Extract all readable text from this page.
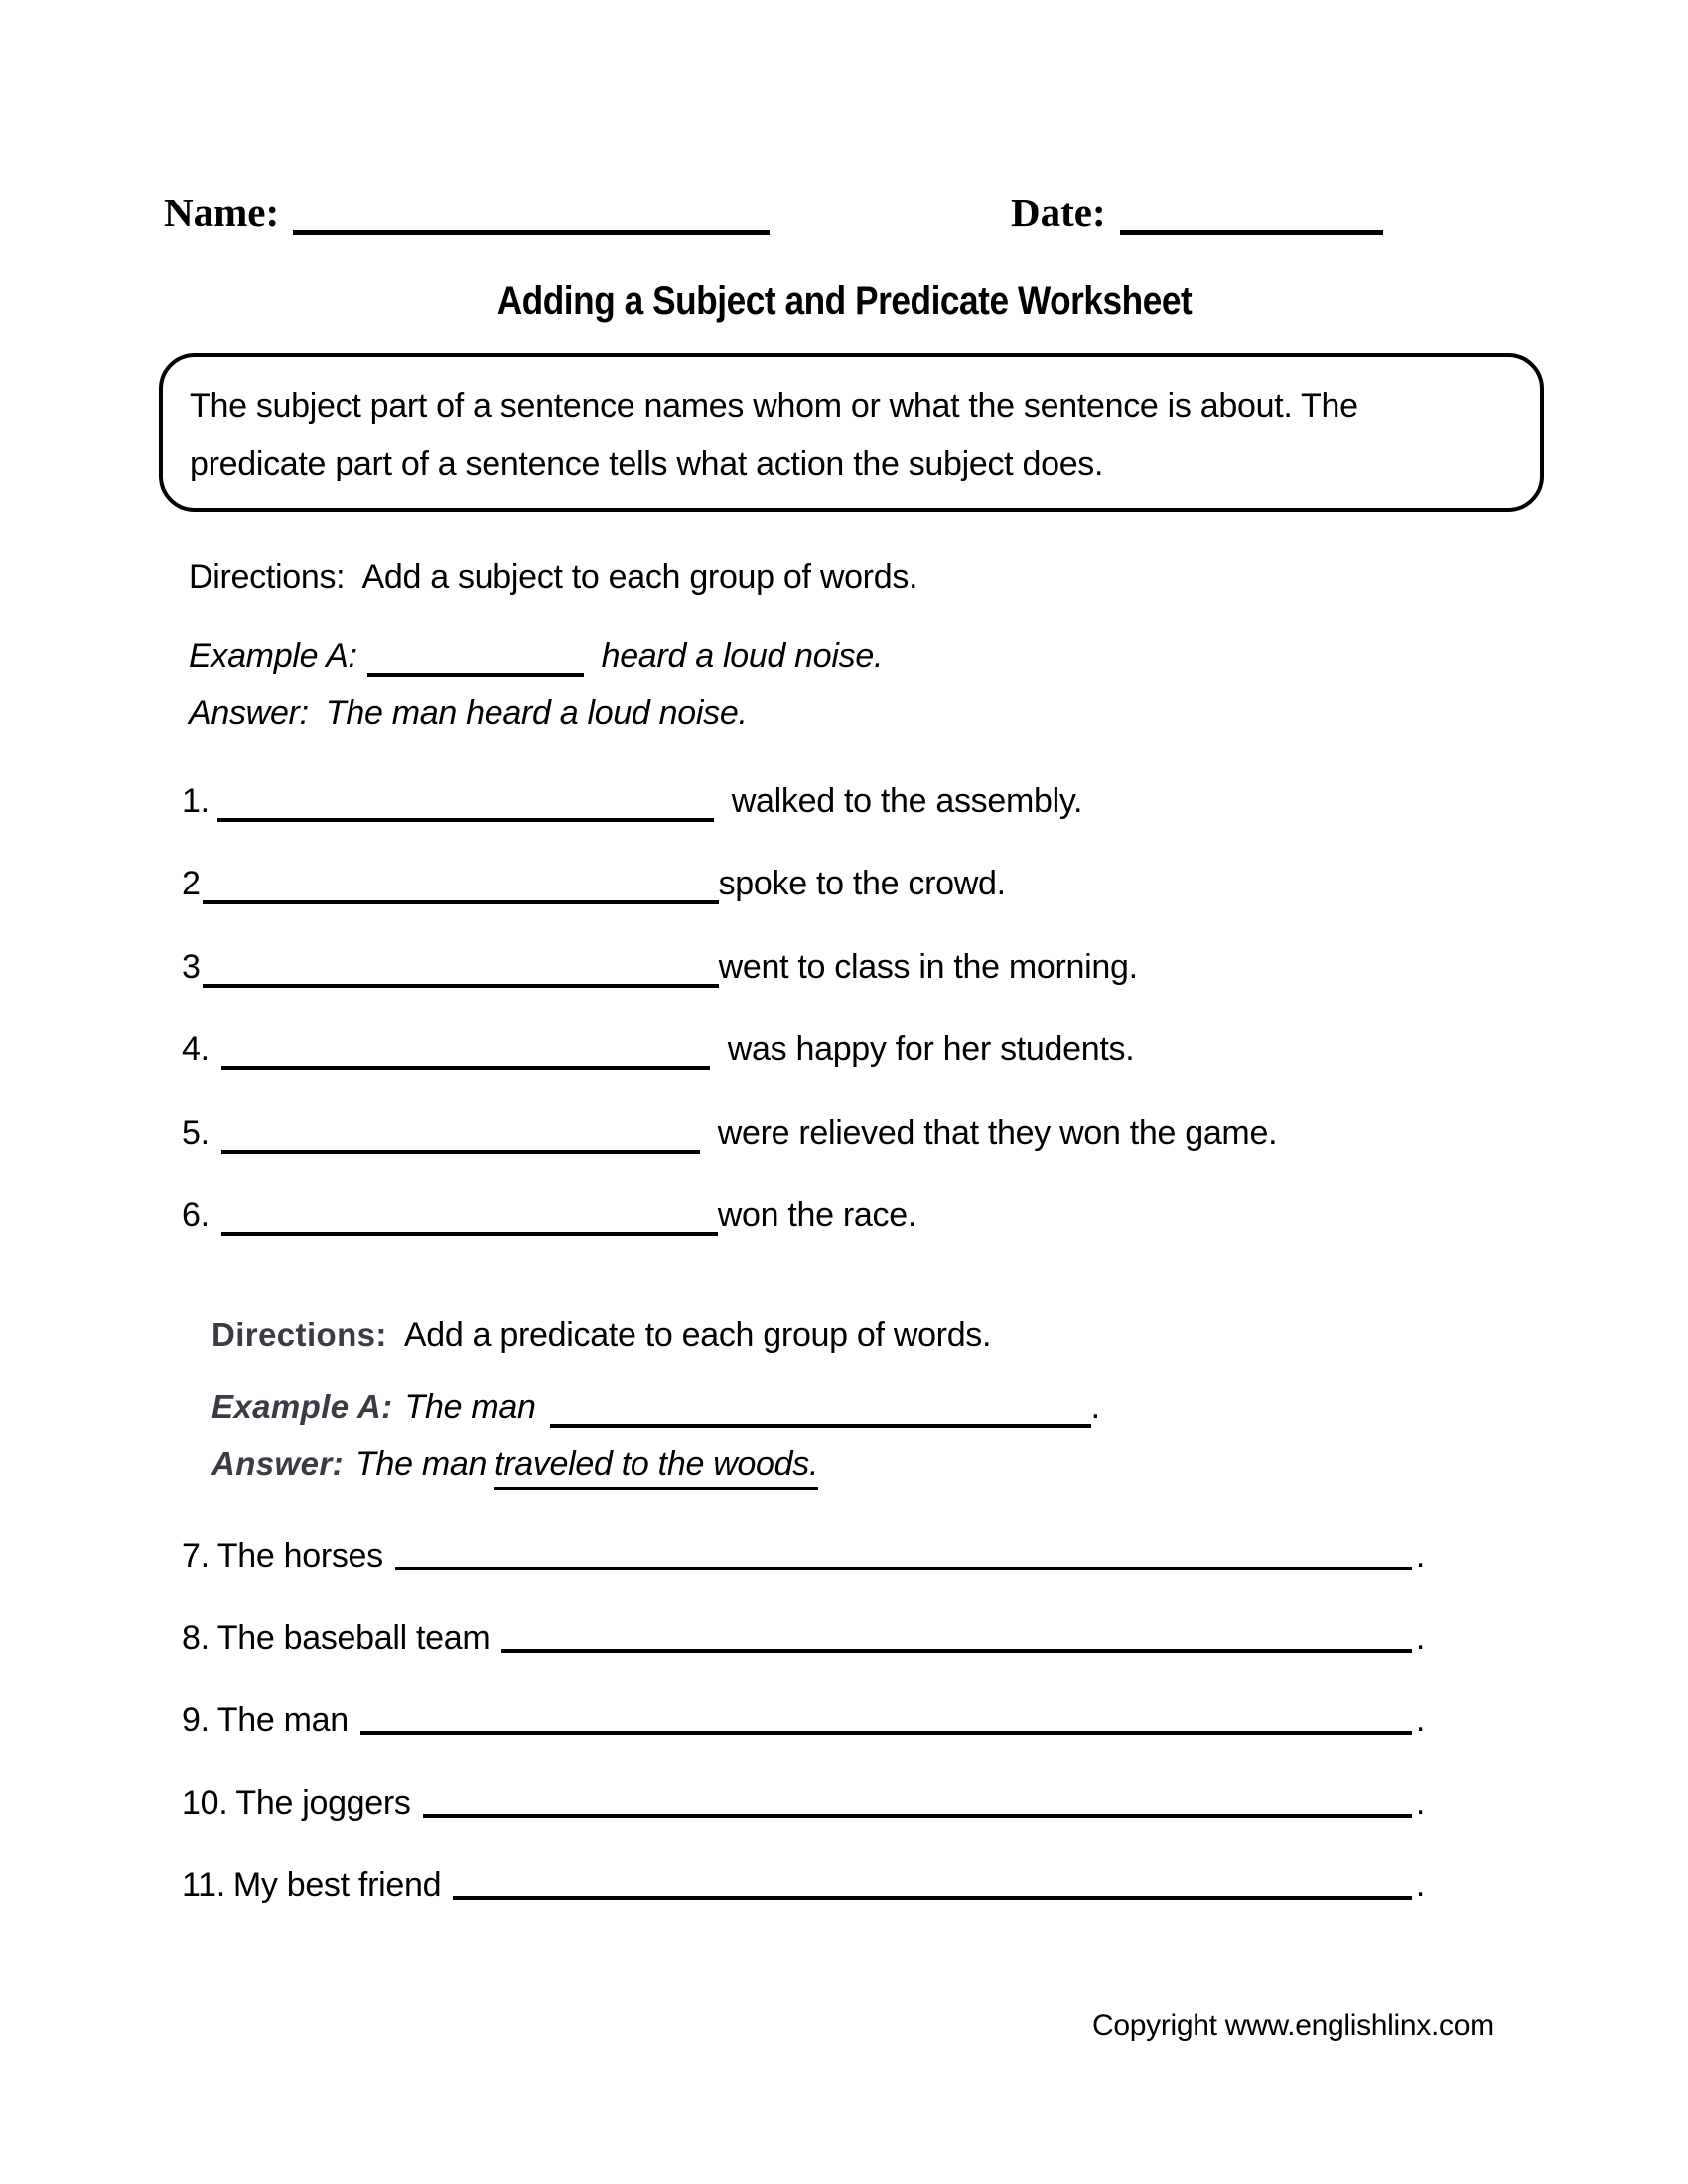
Name:	Date:
Adding a Subject and Predicate Worksheet
The subject part of a sentence names whom or what the sentence is about. The predicate part of a sentence tells what action the subject does.
Directions: Add a subject to each group of words.
Example A:	heard a loud noise.
Answer: The man heard a loud noise.
1.	walked to the assembly.
2	spoke to the crowd.
3	went to class in the morning.
4.	was happy for her students.
5.	were relieved that they won the game.
6.	won the race.
Directions: Add a predicate to each group of words.
Example A: The man	.
Answer: The man traveled to the woods.
7. The horses	.
8. The baseball team	.
9. The man	.
10. The joggers	.
11. My best friend	.
Copyright www.englishlinx.com
